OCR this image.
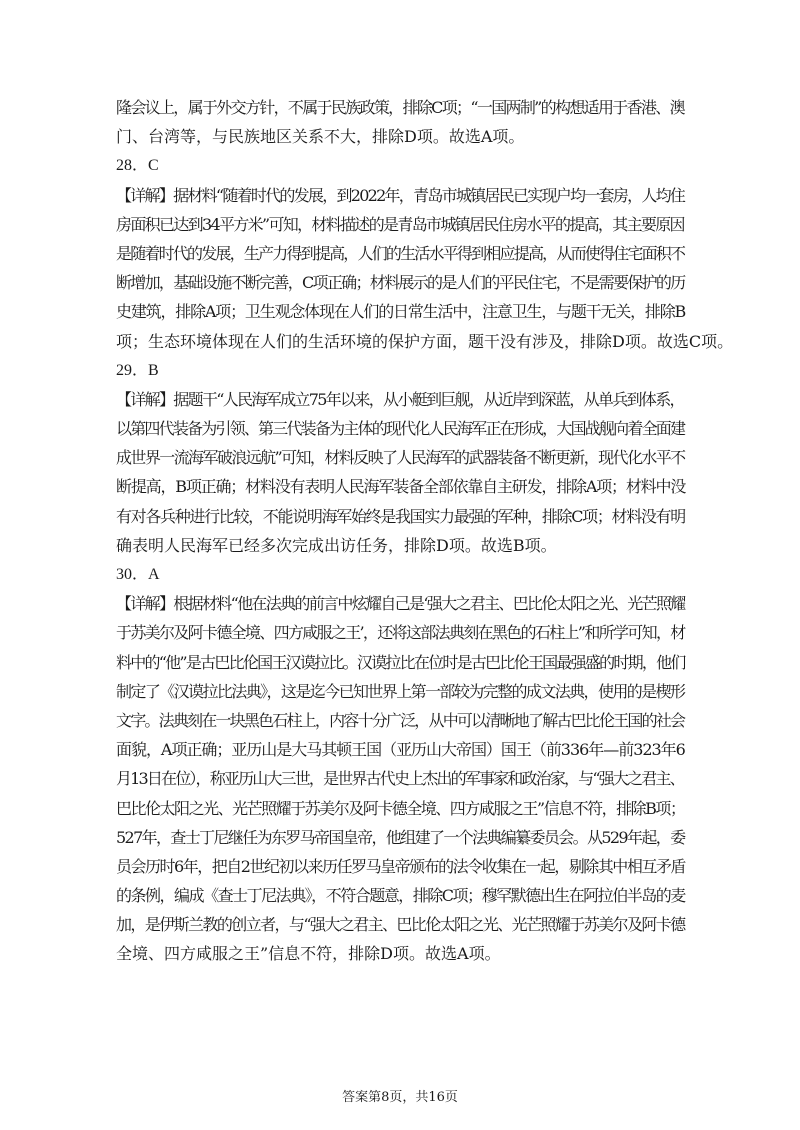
隆会议上，属于外交方针，不属于民族政策，排除C项；“一国两制”的构想适用于香港、澳
门、台湾等，与民族地区关系不大，排除D项。故选A项。
28．C
【详解】据材料“随着时代的发展，到2022年，青岛市城镇居民已实现户均一套房，人均住
房面积已达到34平方米”可知，材料描述的是青岛市城镇居民住房水平的提高，其主要原因
是随着时代的发展，生产力得到提高，人们的生活水平得到相应提高，从而使得住宅面积不
断增加，基础设施不断完善，C项正确；材料展示的是人们的平民住宅，不是需要保护的历
史建筑，排除A项；卫生观念体现在人们的日常生活中，注意卫生，与题干无关，排除B
项；生态环境体现在人们的生活环境的保护方面，题干没有涉及，排除D项。故选C项。
29．B
【详解】据题干“人民海军成立75年以来，从小艇到巨舰，从近岸到深蓝，从单兵到体系，
以第四代装备为引领、第三代装备为主体的现代化人民海军正在形成，大国战舰向着全面建
成世界一流海军破浪远航”可知，材料反映了人民海军的武器装备不断更新，现代化水平不
断提高，B项正确；材料没有表明人民海军装备全部依靠自主研发，排除A项；材料中没
有对各兵种进行比较，不能说明海军始终是我国实力最强的军种，排除C项；材料没有明
确表明人民海军已经多次完成出访任务，排除D项。故选B项。
30．A
【详解】根据材料“他在法典的前言中炫耀自己是‘强大之君主、巴比伦太阳之光、光芒照耀
于苏美尔及阿卡德全境、四方咸服之王’，还将这部法典刻在黑色的石柱上”和所学可知，材
料中的“他”是古巴比伦国王汉谟拉比。汉谟拉比在位时是古巴比伦王国最强盛的时期，他们
制定了《汉谟拉比法典》，这是迄今已知世界上第一部较为完整的成文法典，使用的是楔形
文字。法典刻在一块黑色石柱上，内容十分广泛，从中可以清晰地了解古巴比伦王国的社会
面貌，A项正确；亚历山是大马其顿王国（亚历山大帝国）国王（前336年—前323年6
月13日在位），称亚历山大三世，是世界古代史上杰出的军事家和政治家，与“强大之君主、
巴比伦太阳之光、光芒照耀于苏美尔及阿卡德全境、四方咸服之王”信息不符，排除B项；
527年，查士丁尼继任为东罗马帝国皇帝，他组建了一个法典编纂委员会。从529年起，委
员会历时6年，把自2世纪初以来历任罗马皇帝颁布的法令收集在一起，剔除其中相互矛盾
的条例，编成《查士丁尼法典》，不符合题意，排除C项；穆罕默德出生在阿拉伯半岛的麦
加，是伊斯兰教的创立者，与“强大之君主、巴比伦太阳之光、光芒照耀于苏美尔及阿卡德
全境、四方咸服之王”信息不符，排除D项。故选A项。
答案第8页，共16页
